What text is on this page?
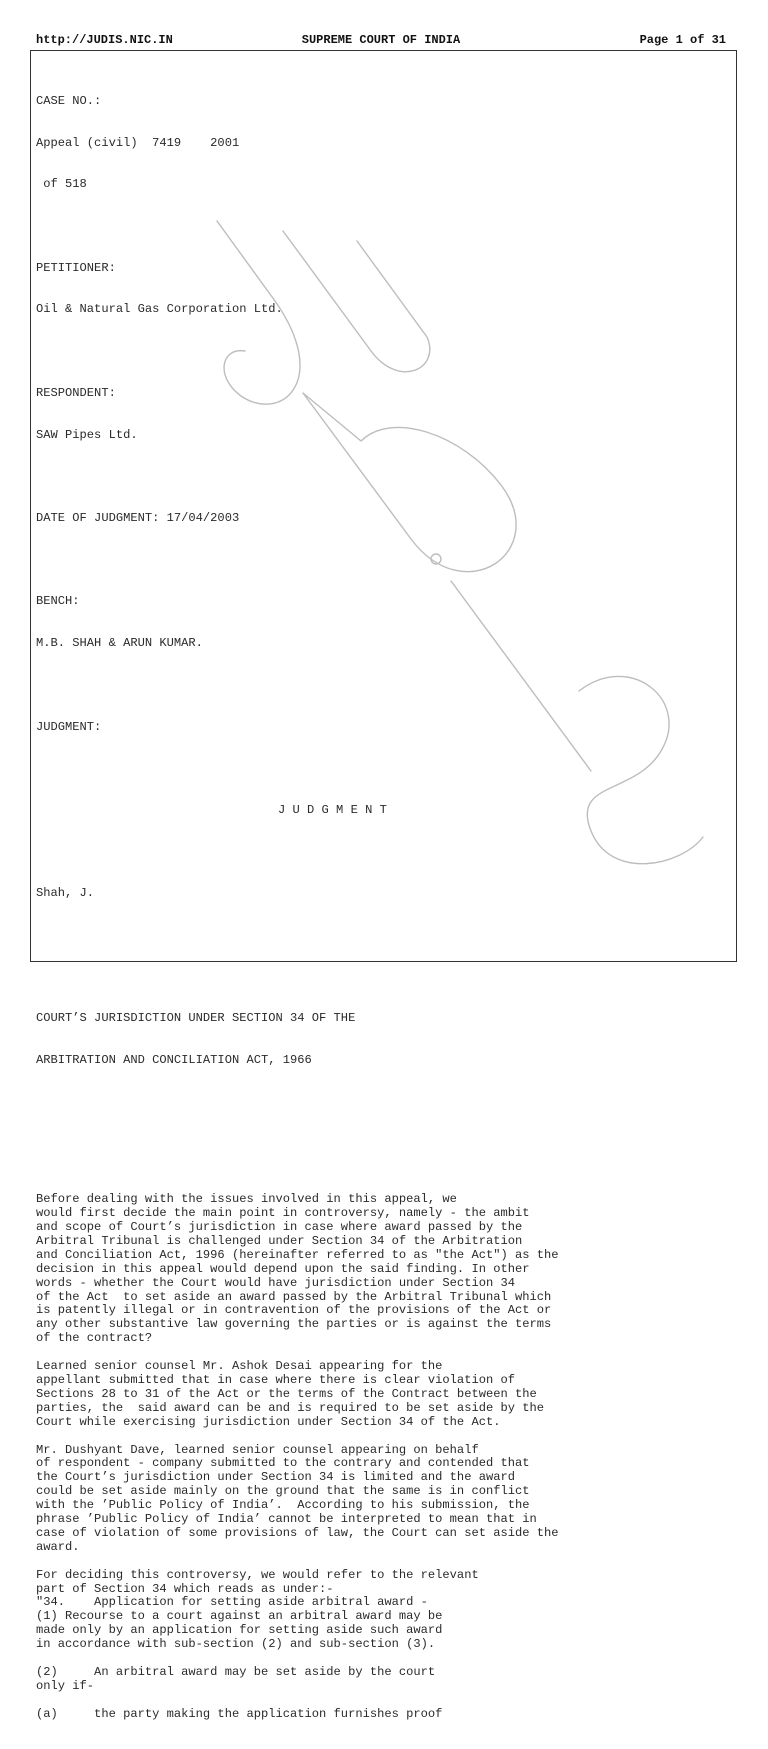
http://JUDIS.NIC.IN	SUPREME COURT OF INDIA	Page 1 of 31

CASE NO.:

Appeal (civil)  7419    2001

of 518

PETITIONER:

Oil & Natural Gas Corporation Ltd.

RESPONDENT:

SAW Pipes Ltd.

DATE OF JUDGMENT: 17/04/2003

BENCH:

M.B. SHAH & ARUN KUMAR.

JUDGMENT:

J U D G M E N T

Shah, J.

COURT’S JURISDICTION UNDER SECTION 34 OF THE

ARBITRATION AND CONCILIATION ACT, 1966

Before dealing with the issues involved in this appeal, we
would first decide the main point in controversy, namely - the ambit
and scope of Court’s jurisdiction in case where award passed by the
Arbitral Tribunal is challenged under Section 34 of the Arbitration
and Conciliation Act, 1996 (hereinafter referred to as "the Act") as the
decision in this appeal would depend upon the said finding. In other
words - whether the Court would have jurisdiction under Section 34
of the Act  to set aside an award passed by the Arbitral Tribunal which
is patently illegal or in contravention of the provisions of the Act or
any other substantive law governing the parties or is against the terms
of the contract?
Learned senior counsel Mr. Ashok Desai appearing for the
appellant submitted that in case where there is clear violation of
Sections 28 to 31 of the Act or the terms of the Contract between the
parties, the  said award can be and is required to be set aside by the
Court while exercising jurisdiction under Section 34 of the Act.
Mr. Dushyant Dave, learned senior counsel appearing on behalf
of respondent - company submitted to the contrary and contended that
the Court’s jurisdiction under Section 34 is limited and the award
could be set aside mainly on the ground that the same is in conflict
with the ’Public Policy of India’.  According to his submission, the
phrase ’Public Policy of India’ cannot be interpreted to mean that in
case of violation of some provisions of law, the Court can set aside the
award.
For deciding this controversy, we would refer to the relevant
part of Section 34 which reads as under:-
"34.    Application for setting aside arbitral award -
(1) Recourse to a court against an arbitral award may be
made only by an application for setting aside such award
in accordance with sub-section (2) and sub-section (3).
(2)     An arbitral award may be set aside by the court
only if-
(a)     the party making the application furnishes proof
